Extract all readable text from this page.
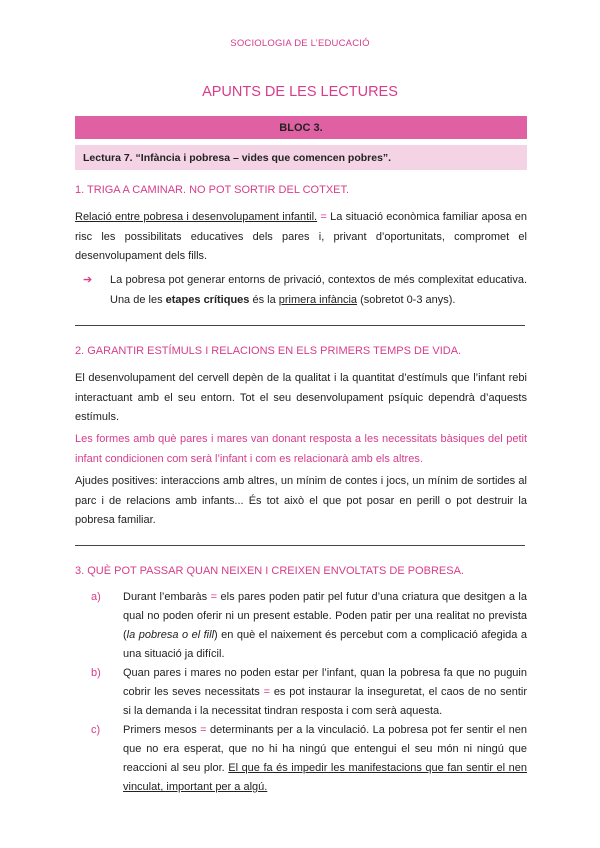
SOCIOLOGIA DE L’EDUCACIÓ
APUNTS DE LES LECTURES
BLOC 3.
Lectura 7. “Infància i pobresa – vides que comencen pobres”.
1. TRIGA A CAMINAR. NO POT SORTIR DEL COTXET.
Relació entre pobresa i desenvolupament infantil. = La situació econòmica familiar aposa en risc les possibilitats educatives dels pares i, privant d’oportunitats, compromet el desenvolupament dels fills.
➔	La pobresa pot generar entorns de privació, contextos de més complexitat educativa. Una de les etapes crítiques és la primera infància (sobretot 0-3 anys).
2. GARANTIR ESTÍMULS I RELACIONS EN ELS PRIMERS TEMPS DE VIDA.
El desenvolupament del cervell depèn de la qualitat i la quantitat d’estímuls que l’infant rebi interactuant amb el seu entorn. Tot el seu desenvolupament psíquic dependrà d’aquests estímuls.
Les formes amb què pares i mares van donant resposta a les necessitats bàsiques del petit infant condicionen com serà l’infant i com es relacionarà amb els altres.
Ajudes positives: interaccions amb altres, un mínim de contes i jocs, un mínim de sortides al parc i de relacions amb infants... És tot això el que pot posar en perill o pot destruir la pobresa familiar.
3. QUÈ POT PASSAR QUAN NEIXEN I CREIXEN ENVOLTATS DE POBRESA.
a)	Durant l’embaràs = els pares poden patir pel futur d’una criatura que desitgen a la qual no poden oferir ni un present estable. Poden patir per una realitat no prevista (la pobresa o el fill) en què el naixement és percebut com a complicació afegida a una situació ja difícil.
b)	Quan pares i mares no poden estar per l’infant, quan la pobresa fa que no puguin cobrir les seves necessitats = es pot instaurar la inseguretat, el caos de no sentir si la demanda i la necessitat tindran resposta i com serà aquesta.
c)	Primers mesos = determinants per a la vinculació. La pobresa pot fer sentir el nen que no era esperat, que no hi ha ningú que entengui el seu món ni ningú que reaccioni al seu plor. El que fa és impedir les manifestacions que fan sentir el nen vinculat, important per a algú.
